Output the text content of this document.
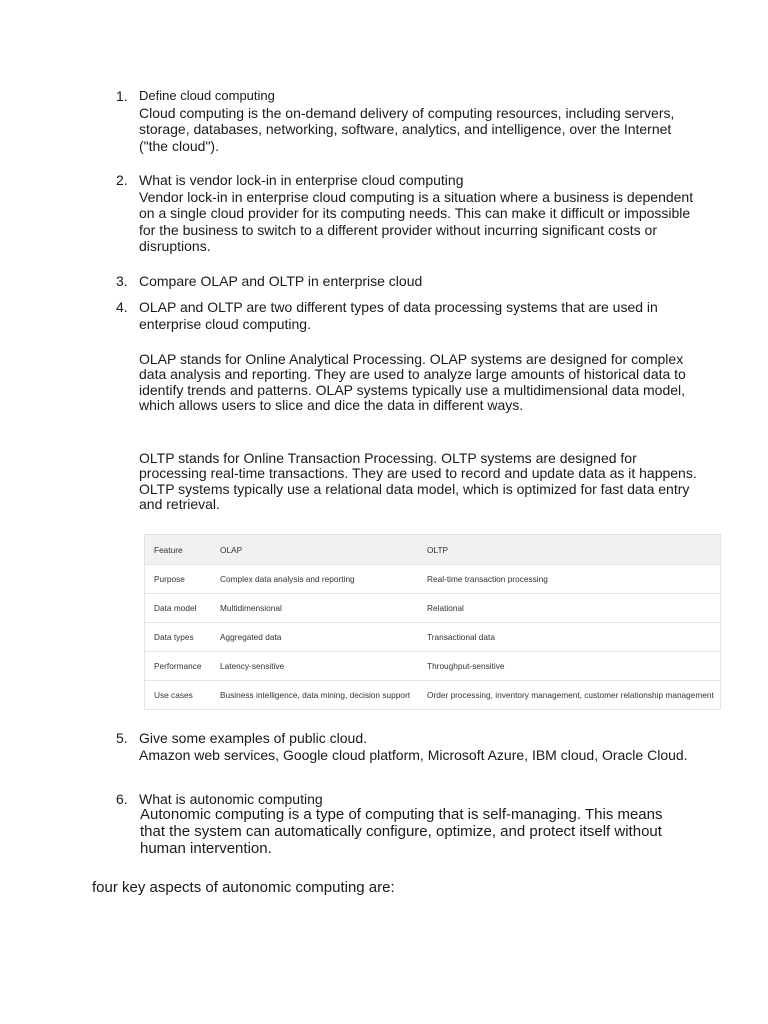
1. Define cloud computing
Cloud computing is the on-demand delivery of computing resources, including servers, storage, databases, networking, software, analytics, and intelligence, over the Internet ("the cloud").
2. What is vendor lock-in in enterprise cloud computing
Vendor lock-in in enterprise cloud computing is a situation where a business is dependent on a single cloud provider for its computing needs. This can make it difficult or impossible for the business to switch to a different provider without incurring significant costs or disruptions.
3. Compare OLAP and OLTP in enterprise cloud
4. OLAP and OLTP are two different types of data processing systems that are used in enterprise cloud computing.
OLAP stands for Online Analytical Processing. OLAP systems are designed for complex data analysis and reporting. They are used to analyze large amounts of historical data to identify trends and patterns. OLAP systems typically use a multidimensional data model, which allows users to slice and dice the data in different ways.
OLTP stands for Online Transaction Processing. OLTP systems are designed for processing real-time transactions. They are used to record and update data as it happens. OLTP systems typically use a relational data model, which is optimized for fast data entry and retrieval.
Feature	OLAP	OLTP
Purpose	Complex data analysis and reporting	Real-time transaction processing
Data model	Multidimensional	Relational
Data types	Aggregated data	Transactional data
Performance	Latency-sensitive	Throughput-sensitive
Use cases	Business intelligence, data mining, decision support	Order processing, inventory management, customer relationship management
5. Give some examples of public cloud.
Amazon web services, Google cloud platform, Microsoft Azure, IBM cloud, Oracle Cloud.
6. What is autonomic computing
Autonomic computing is a type of computing that is self-managing. This means that the system can automatically configure, optimize, and protect itself without human intervention.
four key aspects of autonomic computing are:
